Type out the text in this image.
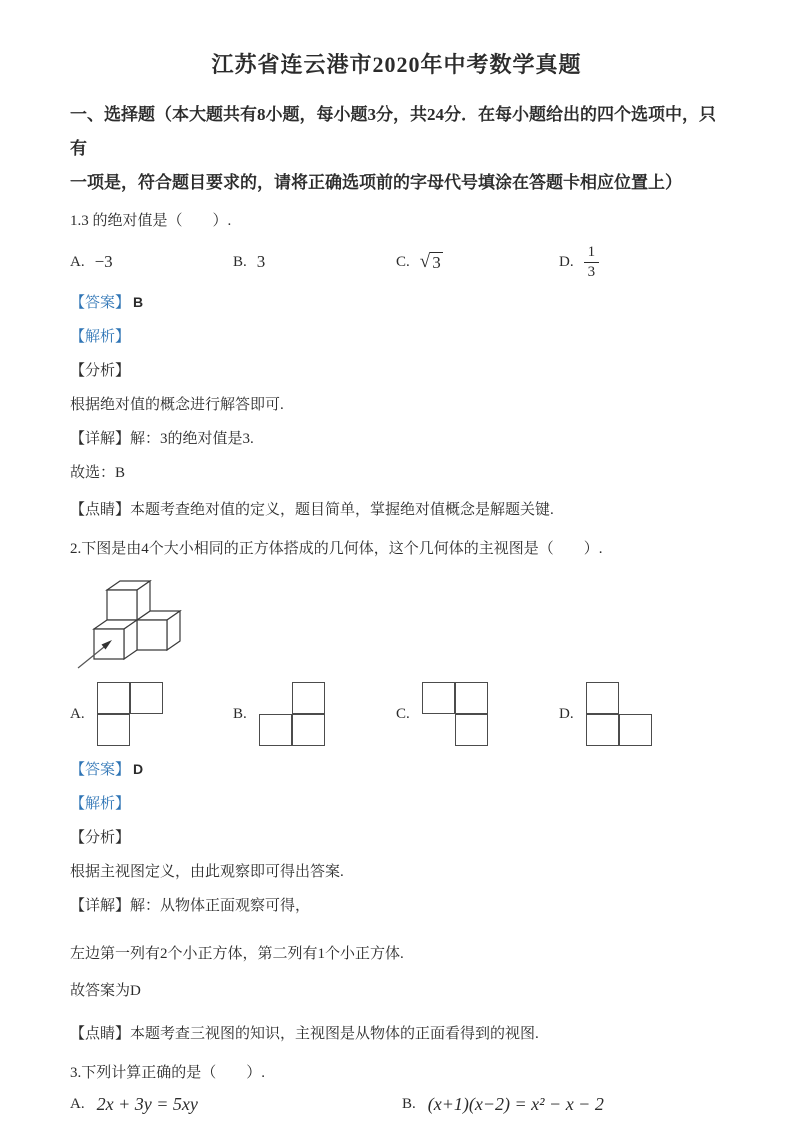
江苏省连云港市2020年中考数学真题
一、选择题（本大题共有8小题，每小题3分，共24分．在每小题给出的四个选项中，只有
一项是，符合题目要求的，请将正确选项前的字母代号填涂在答题卡相应位置上）
1.3 的绝对值是（　　）.
A. −3	B. 3	C. √ 3	D. $\frac{1}{3}$
【答案】 B
【解析】
【分析】
根据绝对值的概念进行解答即可.
【详解】解：3的绝对值是3.
故选：B
【点睛】本题考查绝对值的定义，题目简单，掌握绝对值概念是解题关键.
2.下图是由4个大小相同的正方体搭成的几何体，这个几何体的主视图是（　　）.
A.	B.	C.	D.
【答案】 D
【解析】
【分析】
根据主视图定义，由此观察即可得出答案.
【详解】解：从物体正面观察可得，
左边第一列有2个小正方体，第二列有1个小正方体.
故答案为D
【点睛】本题考查三视图的知识，主视图是从物体的正面看得到的视图.
3.下列计算正确的是（　　）.
A. 2x + 3y = 5xy	B. (x+1)(x−2) = x² − x − 2
